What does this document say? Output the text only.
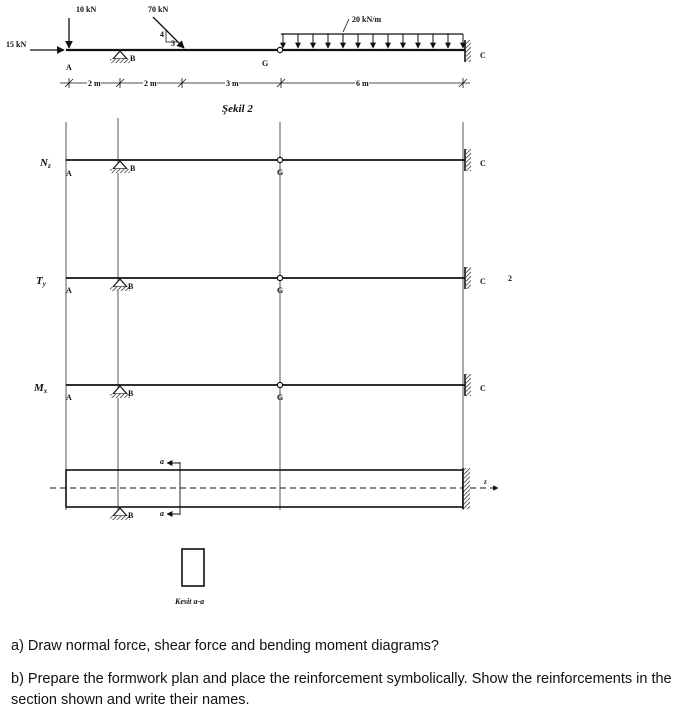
15 kN
10 kN	70 kN
4
3
B
A	G
20 kN/m
C
2 m	2 m	3 m	6 m
Şekil 2
Nz
A
B	G
C
Ty
A	B	G
C	2
Mx
A	B	G
C
z
B
a
a
Kesit a-a

a) Draw normal force, shear force and bending moment diagrams?

b) Prepare the formwork plan and place the reinforcement symbolically. Show the reinforcements in the section shown and write their names.
